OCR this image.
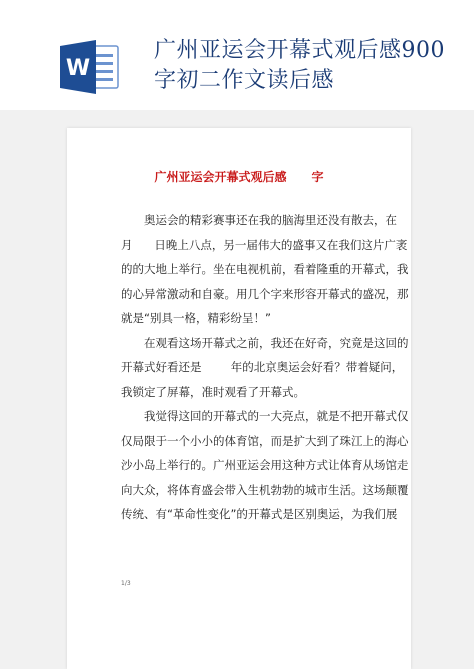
W
广州亚运会开幕式观后感900字初二作文读后感
广州亚运会开幕式观后感      字
奥运会的精彩赛事还在我的脑海里还没有散去，在
月      日晚上八点，另一届伟大的盛事又在我们这片广袤
的的大地上举行。坐在电视机前，看着隆重的开幕式，我
的心异常激动和自豪。用几个字来形容开幕式的盛况，那
就是“别具一格，精彩纷呈！”
在观看这场开幕式之前，我还在好奇，究竟是这回的
开幕式好看还是        年的北京奥运会好看？带着疑问，
我锁定了屏幕，准时观看了开幕式。
我觉得这回的开幕式的一大亮点，就是不把开幕式仅
仅局限于一个小小的体育馆，而是扩大到了珠江上的海心
沙小岛上举行的。广州亚运会用这种方式让体育从场馆走
向大众，将体育盛会带入生机勃勃的城市生活。这场颠覆
传统、有“革命性变化”的开幕式是区别奥运，为我们展
1/3
